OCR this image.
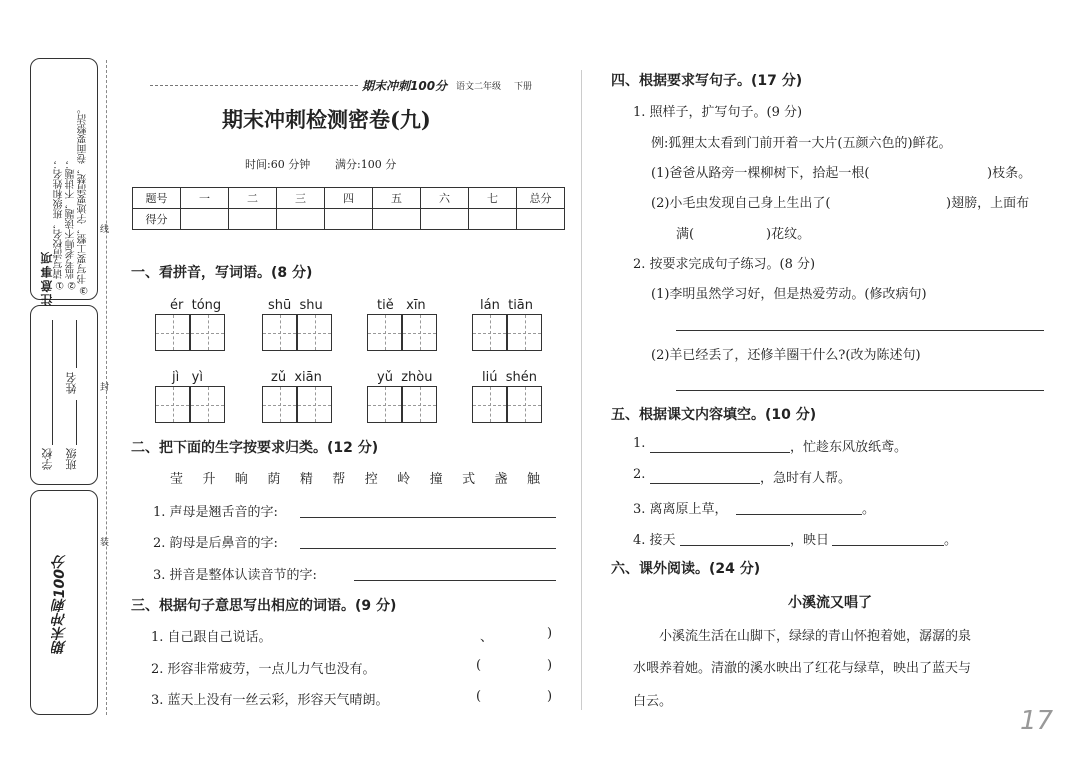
注意事项 ①请写清校名，班级和姓名； ②监考老师不读题，不讲题； ③书写要工整，字迹要清楚，卷面要整洁。
学校 班级
姓名
期末冲刺100分
线
封
装
期末冲刺100分 语文二年级 下册
期末冲刺检测密卷(九)
时间:60 分钟 满分:100 分
题号	一	二	三	四	五	六	七	总分
得分								
一、看拼音，写词语。(8 分)
ér tóng	shū shu	tiě xīn	lán tiān
jì yì	zǔ xiān	yǔ zhòu	liú shén
二、把下面的生字按要求归类。(12 分)
莹 升 晌 荫 精 帮 控 岭 撞 式 盏 触
1. 声母是翘舌音的字:
2. 韵母是后鼻音的字:
3. 拼音是整体认读音节的字:
三、根据句子意思写出相应的词语。(9 分)
1. 自己跟自己说话。	、	)
2. 形容非常疲劳，一点儿力气也没有。	(	)
3. 蓝天上没有一丝云彩，形容天气晴朗。	(	)
四、根据要求写句子。(17 分)
1. 照样子，扩写句子。(9 分)
例:狐狸太太看到门前开着一大片(五颜六色的)鲜花。
(1)爸爸从路旁一棵柳树下，拾起一根(	)枝条。
(2)小毛虫发现自己身上生出了(	)翅膀，上面布
满(	)花纹。
2. 按要求完成句子练习。(8 分)
(1)李明虽然学习好，但是热爱劳动。(修改病句)
(2)羊已经丢了，还修羊圈干什么?(改为陈述句)
五、根据课文内容填空。(10 分)
1.	，忙趁东风放纸鸢。
2.	，急时有人帮。
3. 离离原上草，	。
4. 接天	，映日	。
六、课外阅读。(24 分)
小溪流又唱了
小溪流生活在山脚下，绿绿的青山怀抱着她，潺潺的泉
水喂养着她。清澈的溪水映出了红花与绿草，映出了蓝天与
白云。
17
